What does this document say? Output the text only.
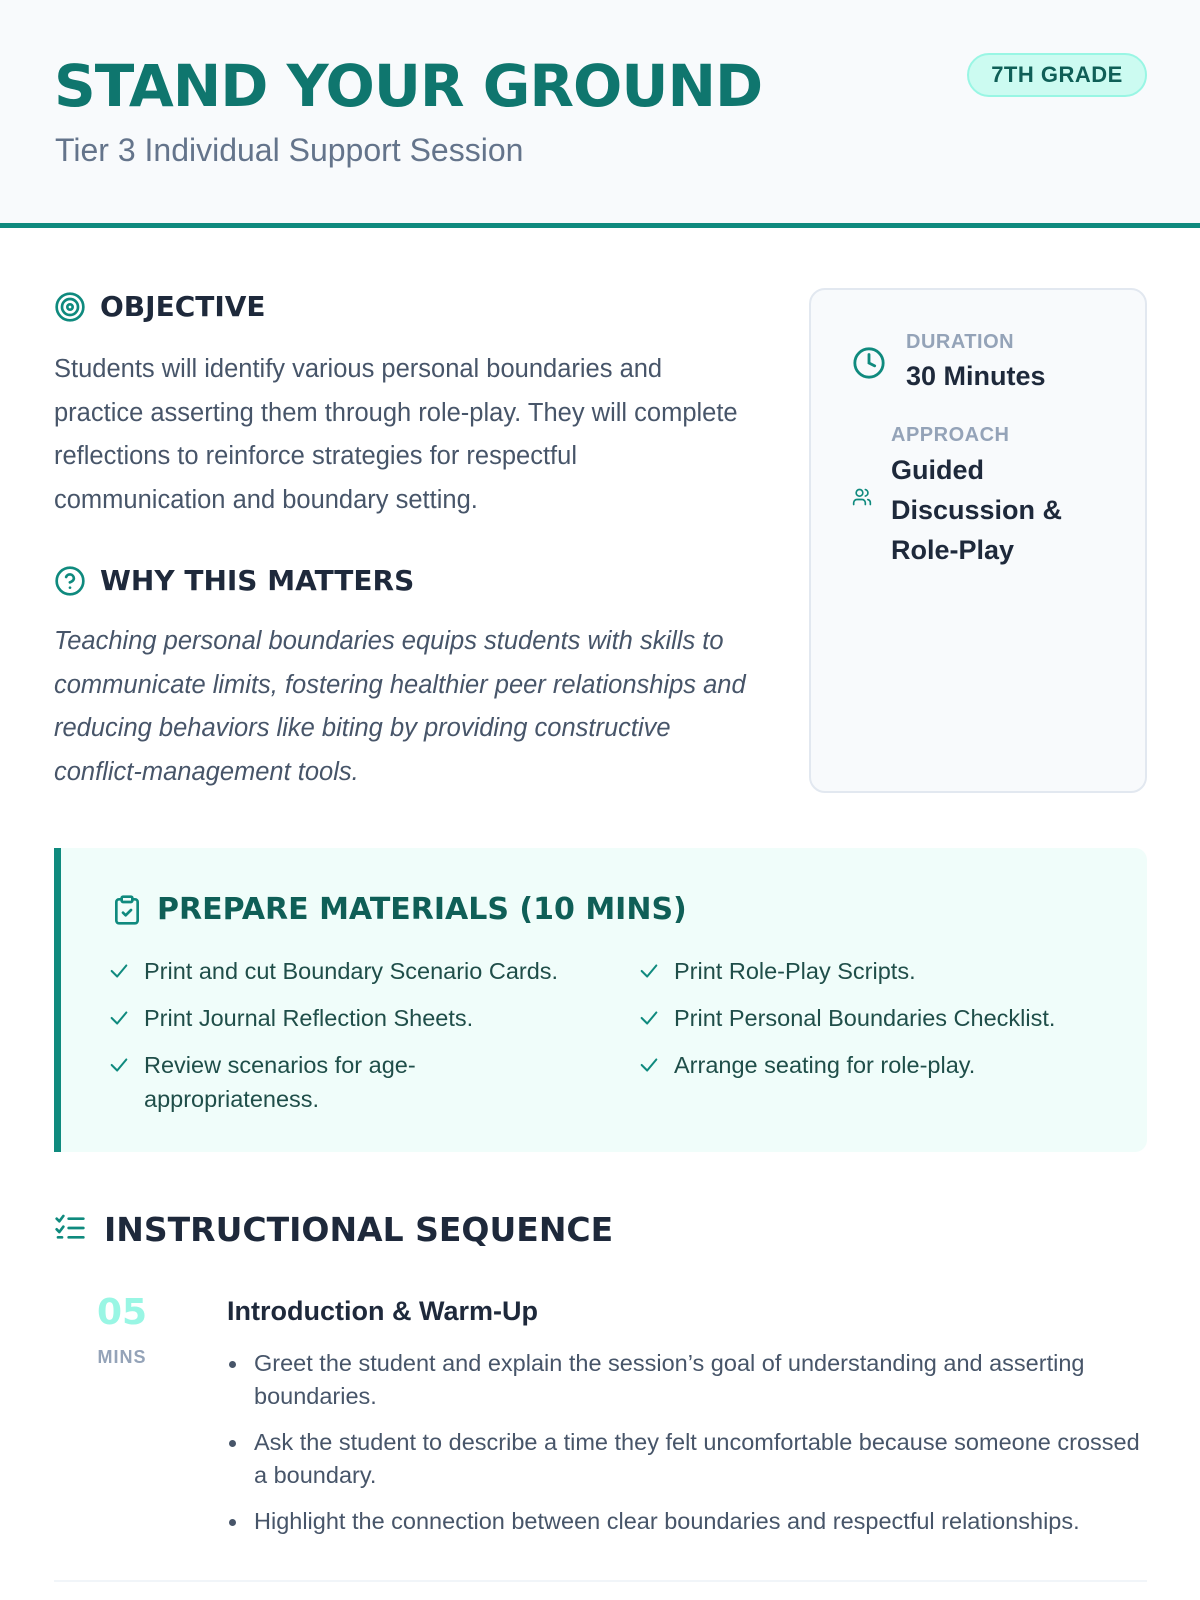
STAND YOUR GROUND
Tier 3 Individual Support Session
7TH GRADE
OBJECTIVE

Students will identify various personal boundaries and practice asserting them through role-play. They will complete reflections to reinforce strategies for respectful communication and boundary setting.

WHY THIS MATTERS

Teaching personal boundaries equips students with skills to communicate limits, fostering healthier peer relationships and reducing behaviors like biting by providing constructive conflict-management tools.

DURATION
30 Minutes
APPROACH
Guided Discussion & Role-Play
PREPARE MATERIALS (10 MINS)
Print and cut Boundary Scenario Cards.	Print Role-Play Scripts.
Print Journal Reflection Sheets.	Print Personal Boundaries Checklist.
Review scenarios for age-appropriateness.
Arrange seating for role-play.
INSTRUCTIONAL SEQUENCE
05
MINS
Introduction & Warm-Up
Greet the student and explain the session’s goal of understanding and asserting boundaries.
Ask the student to describe a time they felt uncomfortable because someone crossed a boundary.
Highlight the connection between clear boundaries and respectful relationships.
